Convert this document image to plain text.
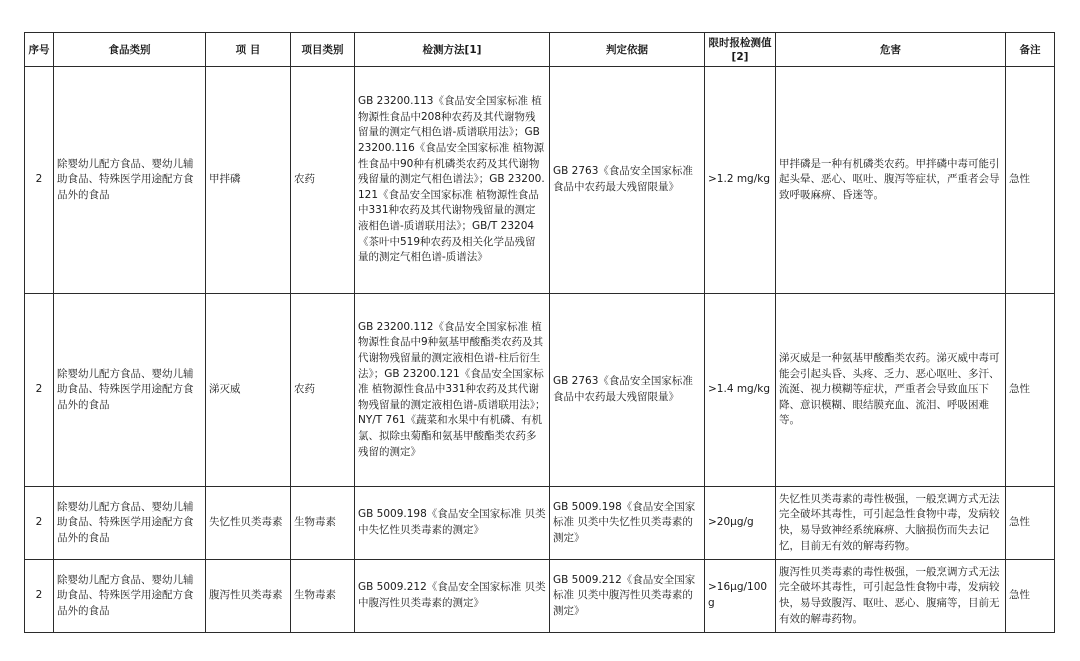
序号	食品类别	项 目	项目类别	检测方法[1]	判定依据	限时报检测值[2]	危害	备注
2	除婴幼儿配方食品、婴幼儿辅助食品、特殊医学用途配方食品外的食品	甲拌磷	农药	GB 23200.113《食品安全国家标准 植物源性食品中208种农药及其代谢物残留量的测定气相色谱-质谱联用法》；GB 23200.116《食品安全国家标准 植物源性食品中90种有机磷类农药及其代谢物残留量的测定气相色谱法》；GB 23200.121《食品安全国家标准 植物源性食品中331种农药及其代谢物残留量的测定液相色谱-质谱联用法》；GB/T 23204《茶叶中519种农药及相关化学品残留量的测定气相色谱-质谱法》	GB 2763《食品安全国家标准 食品中农药最大残留限量》	>1.2 mg/kg	甲拌磷是一种有机磷类农药。甲拌磷中毒可能引起头晕、恶心、呕吐、腹泻等症状，严重者会导致呼吸麻痹、昏迷等。	急性
2	除婴幼儿配方食品、婴幼儿辅助食品、特殊医学用途配方食品外的食品	涕灭威	农药	GB 23200.112《食品安全国家标准 植物源性食品中9种氨基甲酸酯类农药及其代谢物残留量的测定液相色谱-柱后衍生法》；GB 23200.121《食品安全国家标准 植物源性食品中331种农药及其代谢物残留量的测定液相色谱-质谱联用法》；NY/T 761《蔬菜和水果中有机磷、有机氯、拟除虫菊酯和氨基甲酸酯类农药多残留的测定》	GB 2763《食品安全国家标准 食品中农药最大残留限量》	>1.4 mg/kg	涕灭威是一种氨基甲酸酯类农药。涕灭威中毒可能会引起头昏、头疼、乏力、恶心呕吐、多汗、流涎、视力模糊等症状，严重者会导致血压下降、意识模糊、眼结膜充血、流泪、呼吸困难等。	急性
2	除婴幼儿配方食品、婴幼儿辅助食品、特殊医学用途配方食品外的食品	失忆性贝类毒素	生物毒素	GB 5009.198《食品安全国家标准 贝类中失忆性贝类毒素的测定》	GB 5009.198《食品安全国家标准 贝类中失忆性贝类毒素的测定》	>20μg/g	失忆性贝类毒素的毒性极强，一般烹调方式无法完全破坏其毒性，可引起急性食物中毒，发病较快，易导致神经系统麻痹、大脑损伤而失去记忆，目前无有效的解毒药物。	急性
2	除婴幼儿配方食品、婴幼儿辅助食品、特殊医学用途配方食品外的食品	腹泻性贝类毒素	生物毒素	GB 5009.212《食品安全国家标准 贝类中腹泻性贝类毒素的测定》	GB 5009.212《食品安全国家标准 贝类中腹泻性贝类毒素的测定》	>16μg/100g	腹泻性贝类毒素的毒性极强，一般烹调方式无法完全破坏其毒性，可引起急性食物中毒，发病较快，易导致腹泻、呕吐、恶心、腹痛等，目前无有效的解毒药物。	急性
